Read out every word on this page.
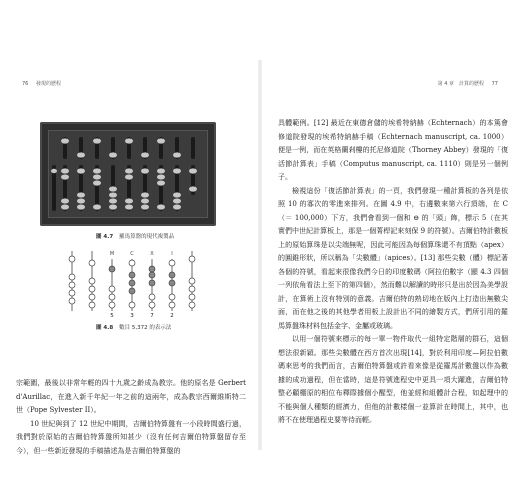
76 發現的歷程
圖 4.7 羅馬算盤的現代複製品
M	C	X	I
5	3	7	2
圖 4.8 數目 5,372 的表示法

宗範圍，最後以非常年輕的四十九歲之齡成為教宗。他的原名是 Gerbert d'Aurillac，在進入新千年紀一年之前的這兩年，成為教宗西爾維斯特二世（Pope Sylvester II）。

10 世紀與到了 12 世紀中期間，吉爾伯特算盤有一小段時間盛行過，我們對於原始的吉爾伯特算盤所知甚少（沒有任何吉爾伯特算盤留存至今），但一些新近發現的手稿描述為是吉爾伯特算盤的

第 4 章　計算的歷程 77

具體範例。[12] 最近在東德倉儲的埃希特納赫（Echternach）的本篤會修道院發現的埃希特納赫手稿（Echternach manuscript, ca. 1000）便是一例，而在英格蘭剎樓的托尼修道院（Thorney Abbey）發現的「復活節計算表」手稿（Computus manuscript, ca. 1110）則是另一個例子。

檢視這份「復活節計算表」的一頁，我們發現一種計算板的各列是依照 10 的寡次的零進來排列。在圖 4.9 中，右邊數來第六行頂端，在 C（＝ 100,000）下方，我們會看到一個和 ⊖ 的「頭」飾，標示 5（在其實們中世紀計算板上，那是一個菁桿記來刻保 9 的符號）。吉爾伯特計數板上的原始算珠是以尖端無呢，因此可能因為每個算珠還不有頂點（apex）的圓錐形狀，所以稱為「尖數體」（apices）。[13] 那些尖數（體）標記著各個的符號，看起來很像我們今日的印度數碼（阿拉伯數字（顯 4.3 四個一列依角看法上至下的第四個），然而難以解讀的時形只是出於因為美學設計，在算術上沒有特別的意義。吉爾伯特的熟切地在版內上打造出無數尖面，而在他之後的其他學者用板上設計出不同的繪製方式，們所引用的羅馬算盤珠材料包括金字、金屬或玻璃。

以用一個符號來標示的每一單一物件取代一組特定階層的群石，這個想法很新穎。那些尖數體在西方首次出現[14]，對於利用印度—阿拉伯數碼來思考的我們而言，吉爾伯特算盤或許看來像是從羅馬計數盤以作為數據的成功過程，但在當時，這是符號進程史中更具一項大躍進，吉爾伯特整必顧棚原的相位布釋際據個小醒型，他並經和組體計合程，如起理中的不能與個人種類的經濟力，但他的計數樣個一並算計在時間上，其中，也將不在使理過程史要等待而輕。
